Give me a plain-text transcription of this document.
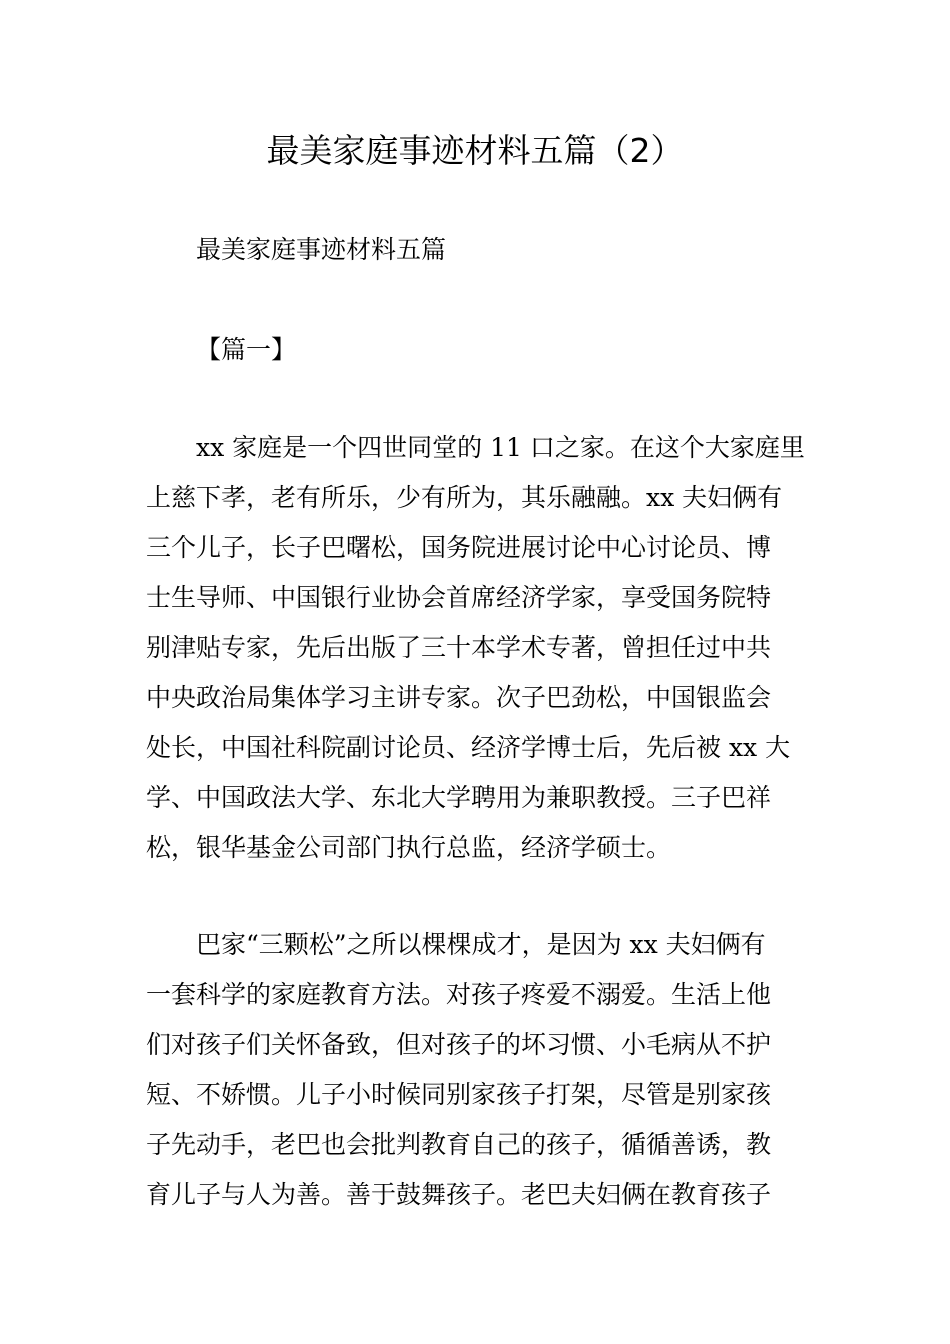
最美家庭事迹材料五篇（2）
最美家庭事迹材料五篇
【篇一】
xx 家庭是一个四世同堂的 11 口之家。在这个大家庭里
上慈下孝，老有所乐，少有所为，其乐融融。xx 夫妇俩有
三个儿子，长子巴曙松，国务院进展讨论中心讨论员、博
士生导师、中国银行业协会首席经济学家，享受国务院特
别津贴专家，先后出版了三十本学术专著，曾担任过中共
中央政治局集体学习主讲专家。次子巴劲松，中国银监会
处长，中国社科院副讨论员、经济学博士后，先后被 xx 大
学、中国政法大学、东北大学聘用为兼职教授。三子巴祥
松，银华基金公司部门执行总监，经济学硕士。
巴家“三颗松”之所以棵棵成才，是因为 xx 夫妇俩有
一套科学的家庭教育方法。对孩子疼爱不溺爱。生活上他
们对孩子们关怀备致，但对孩子的坏习惯、小毛病从不护
短、不娇惯。儿子小时候同别家孩子打架，尽管是别家孩
子先动手，老巴也会批判教育自己的孩子，循循善诱，教
育儿子与人为善。善于鼓舞孩子。老巴夫妇俩在教育孩子
